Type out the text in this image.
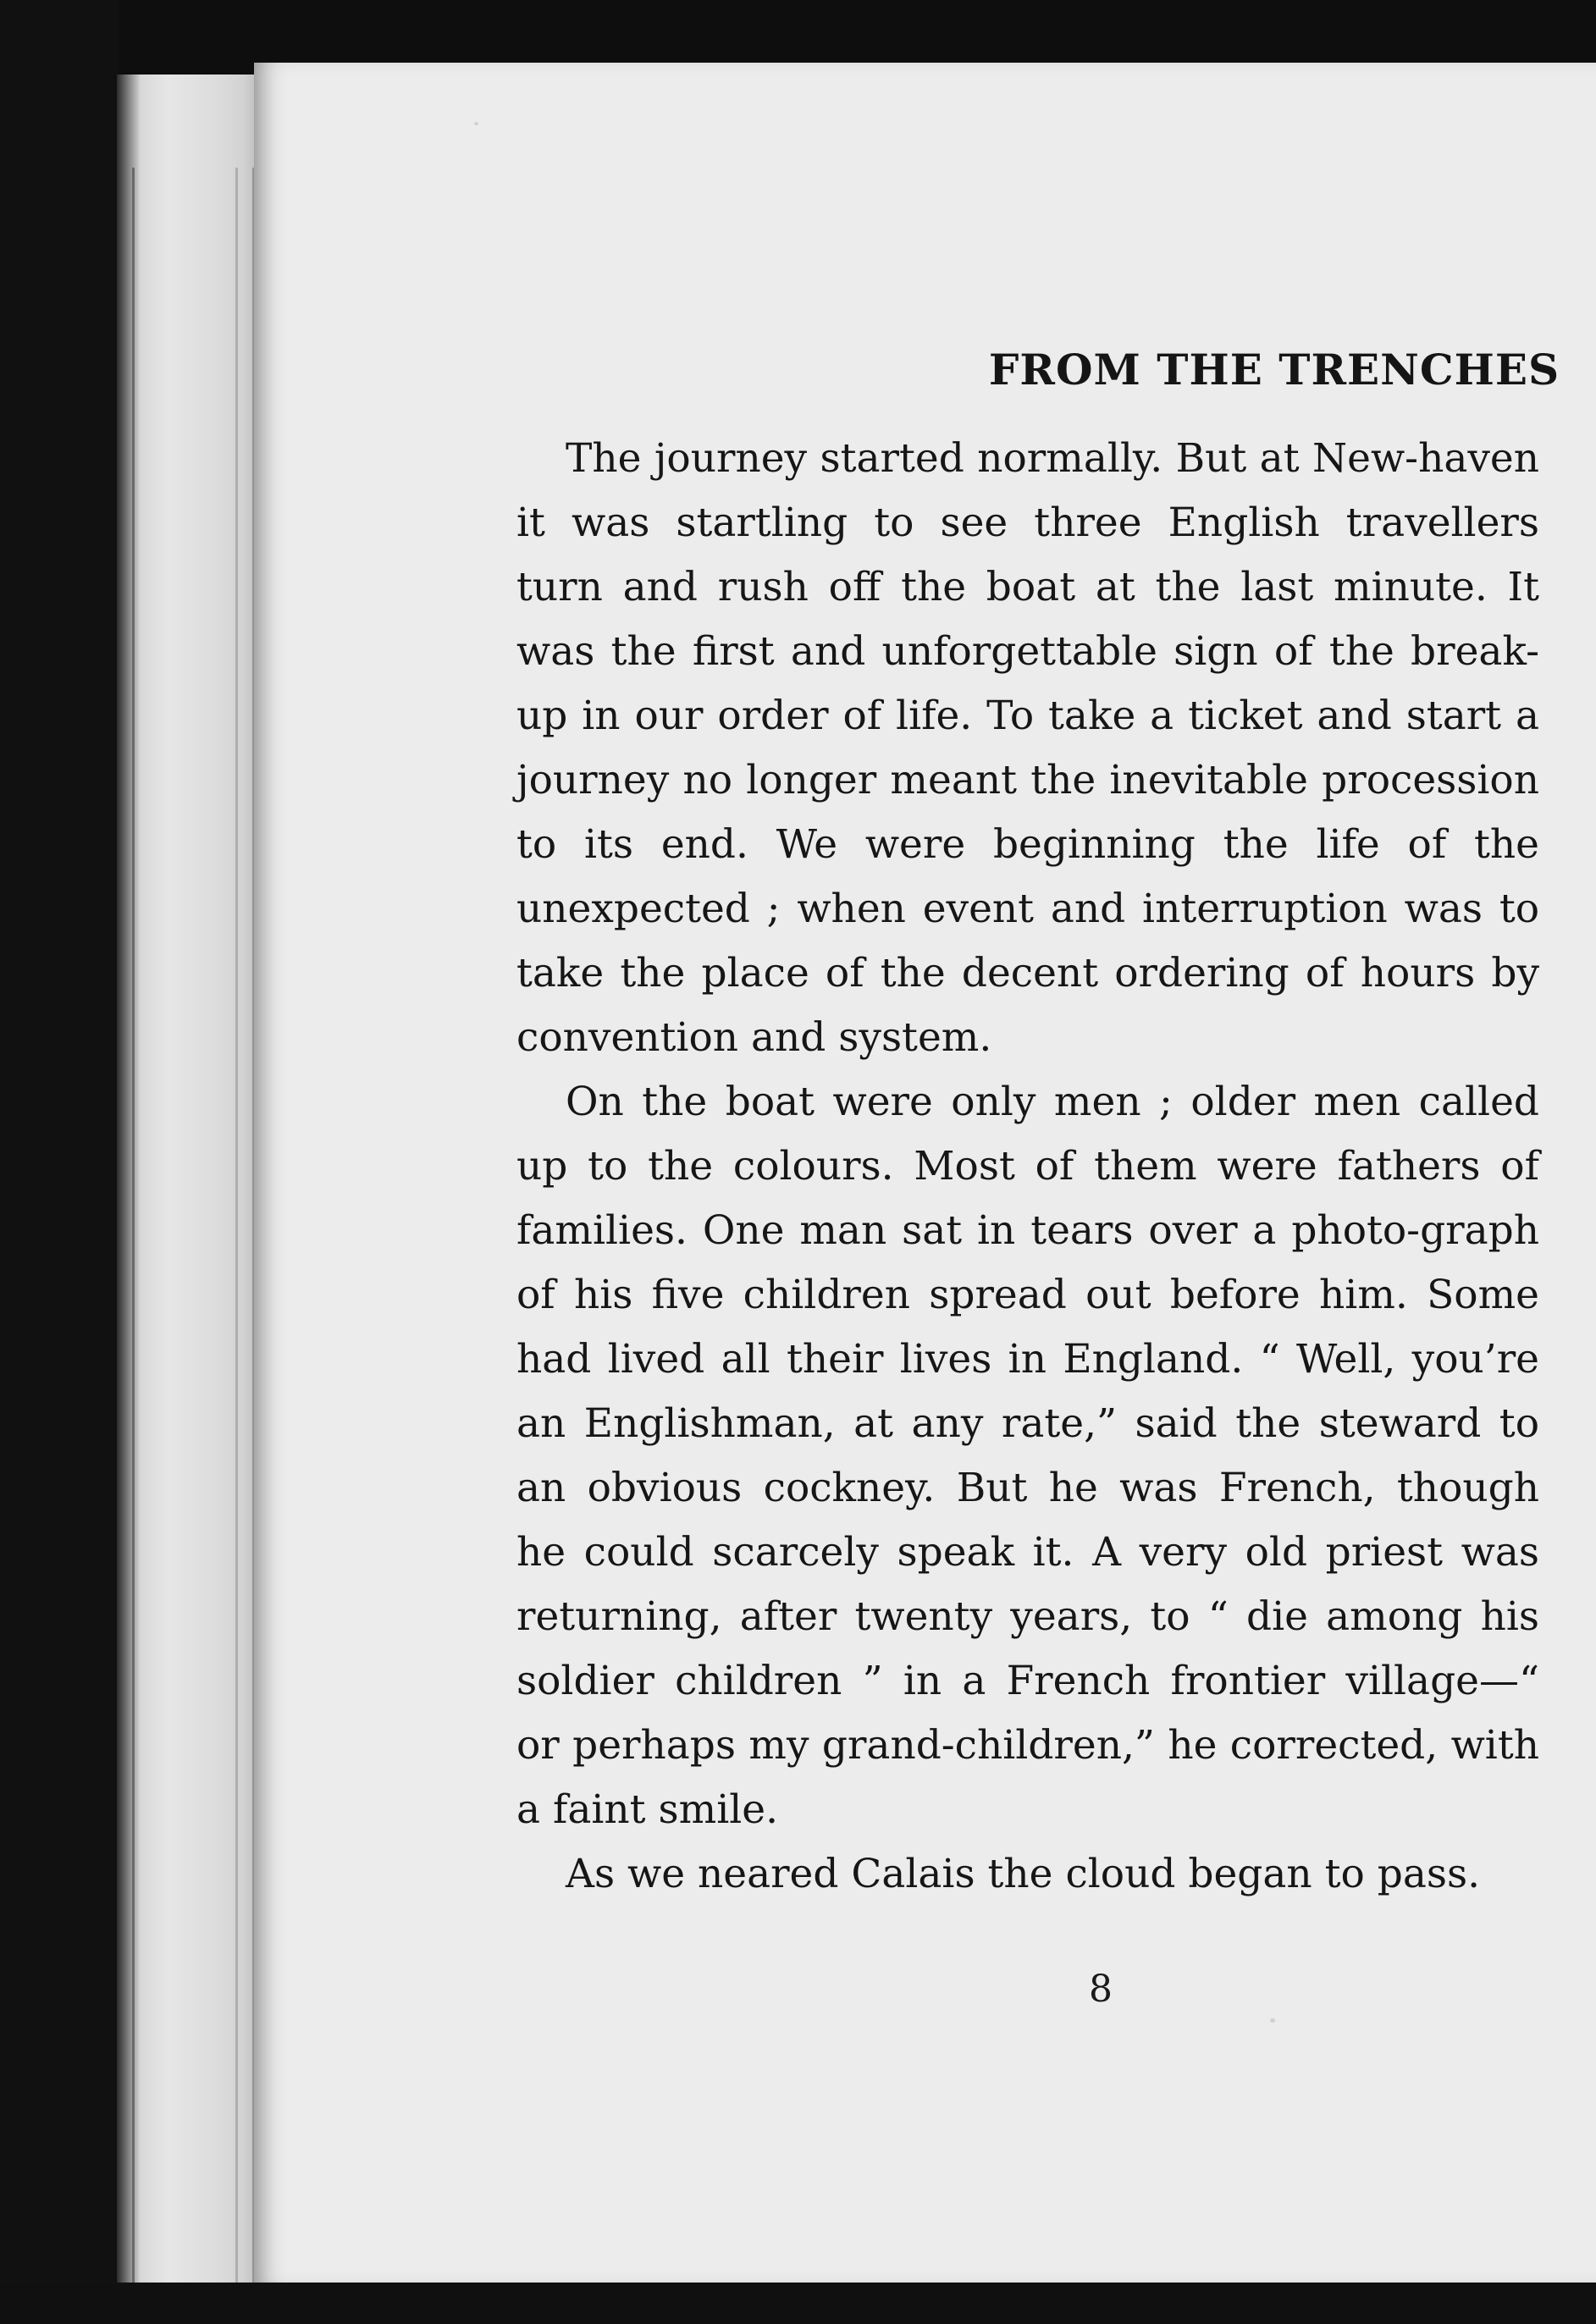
FROM THE TRENCHES

The journey started normally. But at New-haven it was startling to see three English travellers turn and rush off the boat at the last minute. It was the first and unforgettable sign of the break-up in our order of life. To take a ticket and start a journey no longer meant the inevitable procession to its end. We were beginning the life of the unexpected ; when event and interruption was to take the place of the decent ordering of hours by convention and system.

On the boat were only men ; older men called up to the colours. Most of them were fathers of families. One man sat in tears over a photo-graph of his five children spread out before him. Some had lived all their lives in England. “ Well, you’re an Englishman, at any rate,” said the steward to an obvious cockney. But he was French, though he could scarcely speak it. A very old priest was returning, after twenty years, to “ die among his soldier children ” in a French frontier village—“ or perhaps my grand-children,” he corrected, with a faint smile.

As we neared Calais the cloud began to pass.

8
